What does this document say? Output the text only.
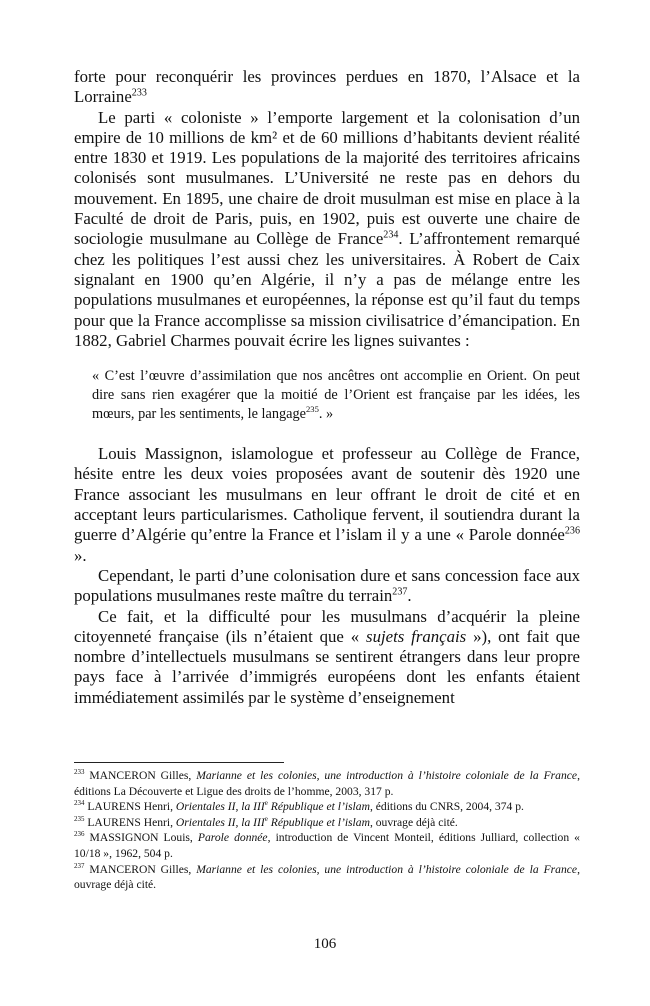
forte pour reconquérir les provinces perdues en 1870, l’Alsace et la Lorraine$^{233}$

Le parti « coloniste » l’emporte largement et la colonisation d’un empire de 10 millions de km² et de 60 millions d’habitants devient réalité entre 1830 et 1919. Les populations de la majorité des territoires africains colonisés sont musulmanes. L’Université ne reste pas en dehors du mouvement. En 1895, une chaire de droit musulman est mise en place à la Faculté de droit de Paris, puis, en 1902, puis est ouverte une chaire de sociologie musulmane au Collège de France$^{234}$. L’affrontement remarqué chez les politiques l’est aussi chez les universitaires. À Robert de Caix signalant en 1900 qu’en Algérie, il n’y a pas de mélange entre les populations musulmanes et européennes, la réponse est qu’il faut du temps pour que la France accomplisse sa mission civilisatrice d’émancipation. En 1882, Gabriel Charmes pouvait écrire les lignes suivantes :

« C’est l’œuvre d’assimilation que nos ancêtres ont accomplie en Orient. On peut dire sans rien exagérer que la moitié de l’Orient est française par les idées, les mœurs, par les sentiments, le langage$^{235}$. »

Louis Massignon, islamologue et professeur au Collège de France, hésite entre les deux voies proposées avant de soutenir dès 1920 une France associant les musulmans en leur offrant le droit de cité et en acceptant leurs particularismes. Catholique fervent, il soutiendra durant la guerre d’Algérie qu’entre la France et l’islam il y a une « Parole donnée$^{236}$ ».

Cependant, le parti d’une colonisation dure et sans concession face aux populations musulmanes reste maître du terrain$^{237}$.

Ce fait, et la difficulté pour les musulmans d’acquérir la pleine citoyenneté française (ils n’étaient que « sujets français »), ont fait que nombre d’intellectuels musulmans se sentirent étrangers dans leur propre pays face à l’arrivée d’immigrés européens dont les enfants étaient immédiatement assimilés par le système d’enseignement

$^{233}$ MANCERON Gilles, Marianne et les colonies, une introduction à l’histoire coloniale de la France, éditions La Découverte et Ligue des droits de l’homme, 2003, 317 p.
$^{234}$ LAURENS Henri, Orientales II, la IIIe République et l’islam, éditions du CNRS, 2004, 374 p.
$^{235}$ LAURENS Henri, Orientales II, la IIIe République et l’islam, ouvrage déjà cité.
$^{236}$ MASSIGNON Louis, Parole donnée, introduction de Vincent Monteil, éditions Julliard, collection « 10/18 », 1962, 504 p.
$^{237}$ MANCERON Gilles, Marianne et les colonies, une introduction à l’histoire coloniale de la France, ouvrage déjà cité.
106
